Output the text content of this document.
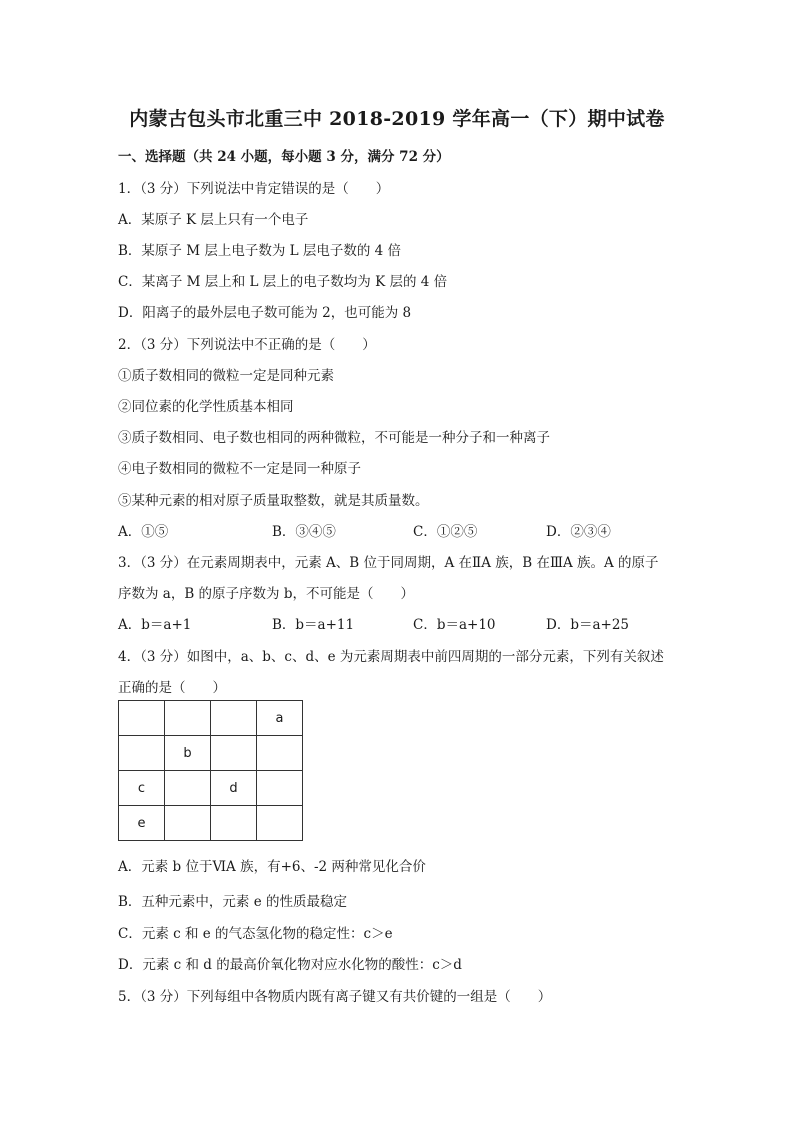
内蒙古包头市北重三中 2018-2019 学年高一（下）期中试卷
一、选择题（共 24 小题，每小题 3 分，满分 72 分）
1．（3 分）下列说法中肯定错误的是（　　）
A．某原子 K 层上只有一个电子
B．某原子 M 层上电子数为 L 层电子数的 4 倍
C．某离子 M 层上和 L 层上的电子数均为 K 层的 4 倍
D．阳离子的最外层电子数可能为 2，也可能为 8
2．（3 分）下列说法中不正确的是（　　）
①质子数相同的微粒一定是同种元素
②同位素的化学性质基本相同
③质子数相同、电子数也相同的两种微粒，不可能是一种分子和一种离子
④电子数相同的微粒不一定是同一种原子
⑤某种元素的相对原子质量取整数，就是其质量数。
A．①⑤	B．③④⑤	C．①②⑤	D．②③④
3．（3 分）在元素周期表中，元素 A、B 位于同周期，A 在ⅡA 族，B 在ⅢA 族。A 的原子
序数为 a，B 的原子序数为 b，不可能是（　　）
A．b＝a+1	B．b＝a+11	C．b＝a+10	D．b＝a+25
4．（3 分）如图中，a、b、c、d、e 为元素周期表中前四周期的一部分元素，下列有关叙述
正确的是（　　）
			a
	b		
c		d	
e			
A．元素 b 位于ⅥA 族，有+6、-2 两种常见化合价
B．五种元素中，元素 e 的性质最稳定
C．元素 c 和 e 的气态氢化物的稳定性：c＞e
D．元素 c 和 d 的最高价氧化物对应水化物的酸性：c＞d
5．（3 分）下列每组中各物质内既有离子键又有共价键的一组是（　　）
